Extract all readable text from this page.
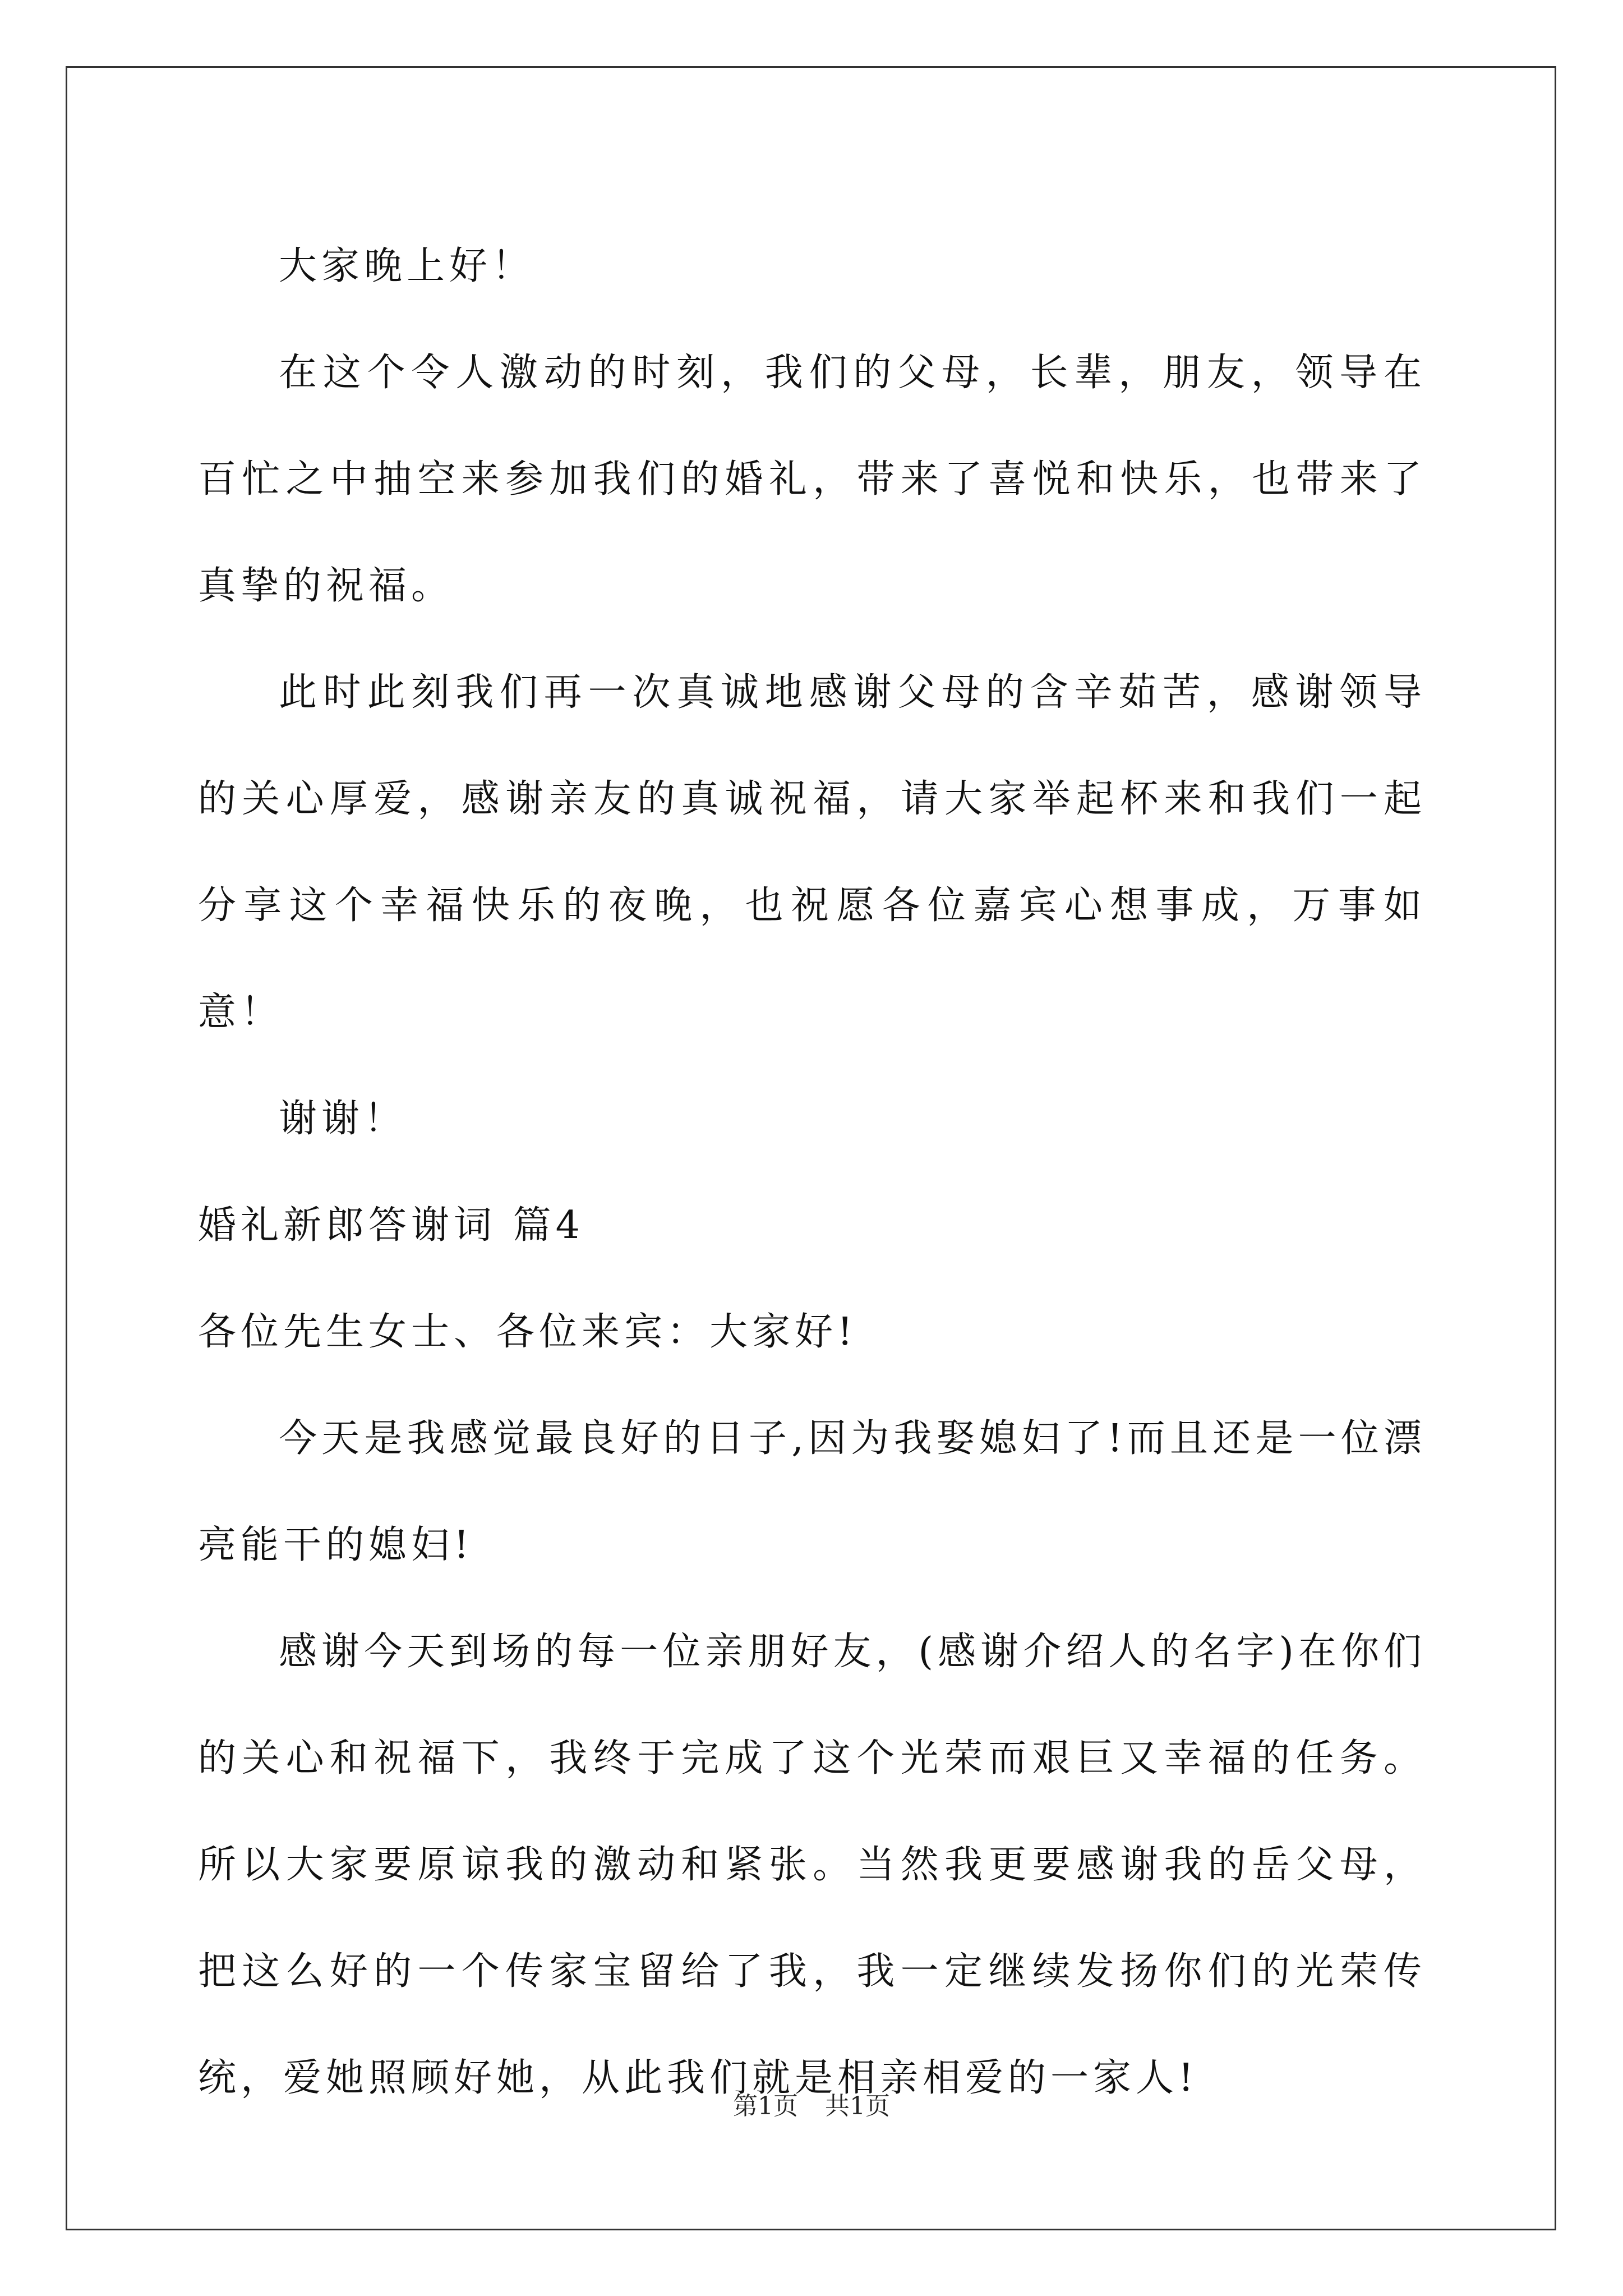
大家晚上好！

在这个令人激动的时刻，我们的父母，长辈，朋友，领导在百忙之中抽空来参加我们的婚礼，带来了喜悦和快乐，也带来了真挚的祝福。

此时此刻我们再一次真诚地感谢父母的含辛茹苦，感谢领导的关心厚爱，感谢亲友的真诚祝福，请大家举起杯来和我们一起分享这个幸福快乐的夜晚，也祝愿各位嘉宾心想事成，万事如意！

谢谢！

婚礼新郎答谢词 篇4

各位先生女士、各位来宾：大家好!

今天是我感觉最良好的日子,因为我娶媳妇了!而且还是一位漂亮能干的媳妇!

感谢今天到场的每一位亲朋好友，(感谢介绍人的名字)在你们的关心和祝福下，我终于完成了这个光荣而艰巨又幸福的任务。所以大家要原谅我的激动和紧张。当然我更要感谢我的岳父母，把这么好的一个传家宝留给了我，我一定继续发扬你们的光荣传统，爱她照顾好她，从此我们就是相亲相爱的一家人!

第1页 共1页
